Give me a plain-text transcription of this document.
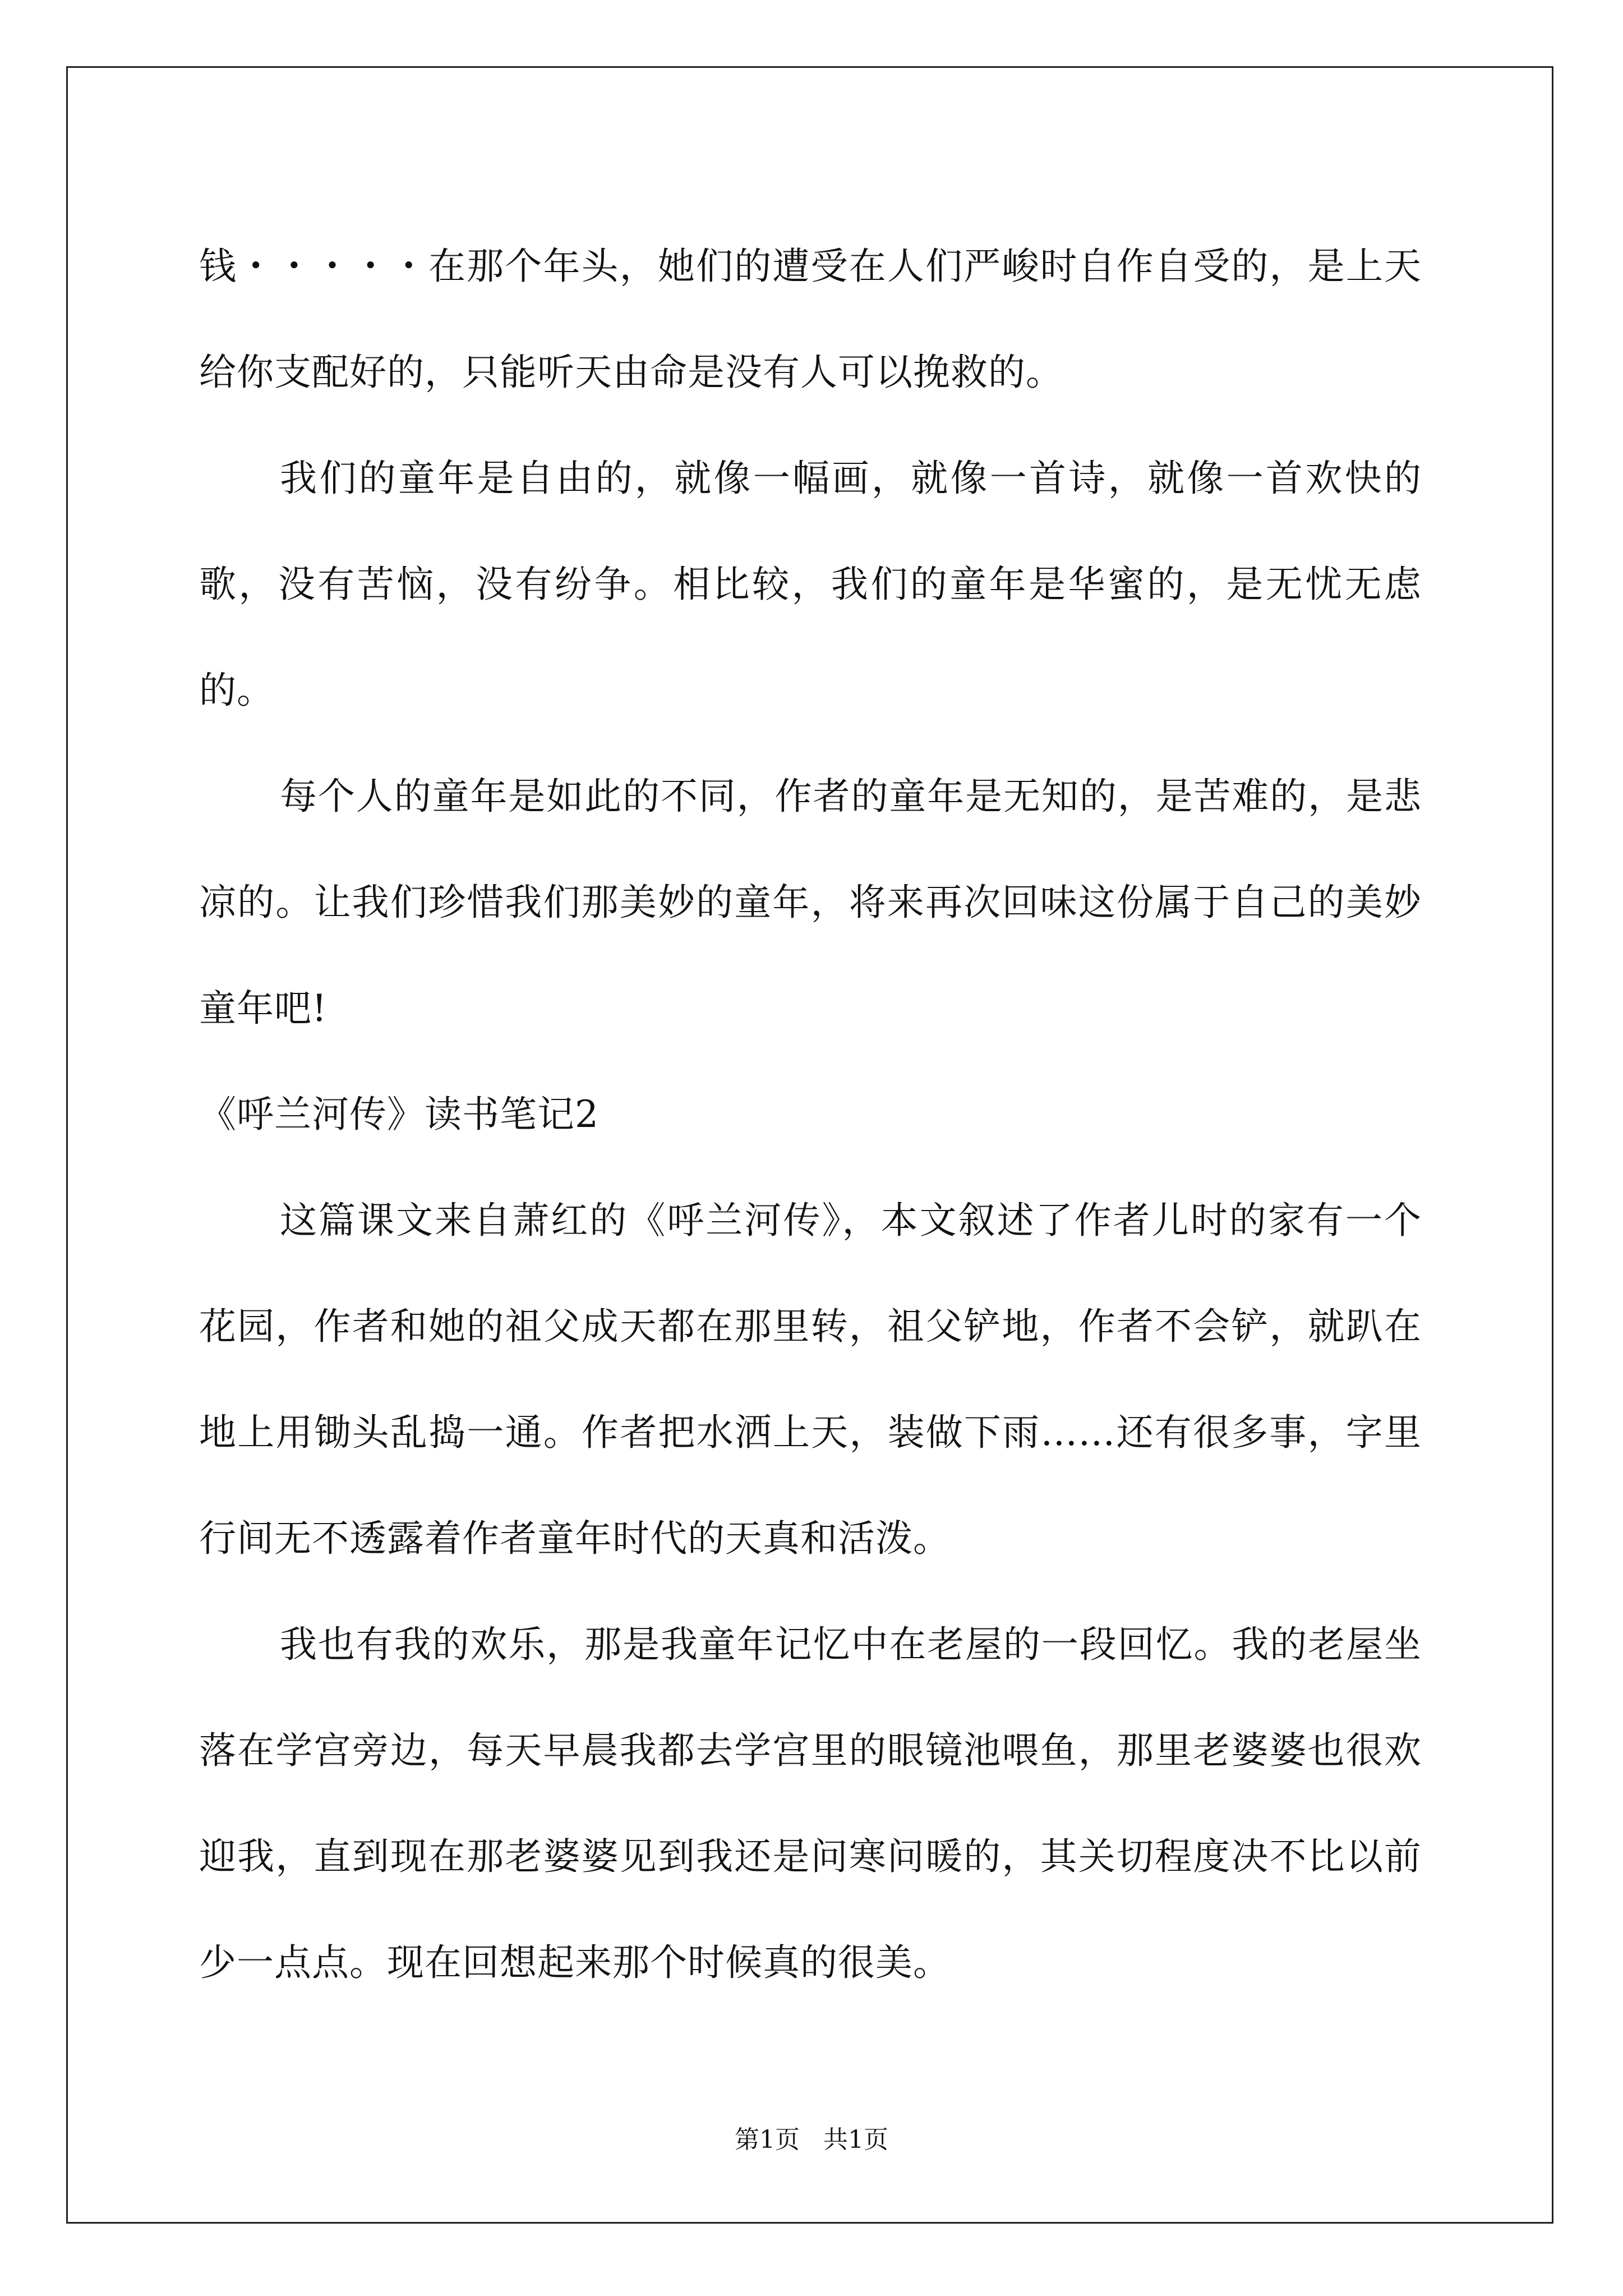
钱・・・・・在那个年头，她们的遭受在人们严峻时自作自受的，是上天给你支配好的，只能听天由命是没有人可以挽救的。

我们的童年是自由的，就像一幅画，就像一首诗，就像一首欢快的歌，没有苦恼，没有纷争。相比较，我们的童年是华蜜的，是无忧无虑的。

每个人的童年是如此的不同，作者的童年是无知的，是苦难的，是悲凉的。让我们珍惜我们那美妙的童年，将来再次回味这份属于自己的美妙童年吧!

《呼兰河传》读书笔记2

这篇课文来自萧红的《呼兰河传》，本文叙述了作者儿时的家有一个花园，作者和她的祖父成天都在那里转，祖父铲地，作者不会铲，就趴在地上用锄头乱捣一通。作者把水洒上天，装做下雨……还有很多事，字里行间无不透露着作者童年时代的天真和活泼。

我也有我的欢乐，那是我童年记忆中在老屋的一段回忆。我的老屋坐落在学宫旁边，每天早晨我都去学宫里的眼镜池喂鱼，那里老婆婆也很欢迎我，直到现在那老婆婆见到我还是问寒问暖的，其关切程度决不比以前少一点点。现在回想起来那个时候真的很美。

第1页 共1页
